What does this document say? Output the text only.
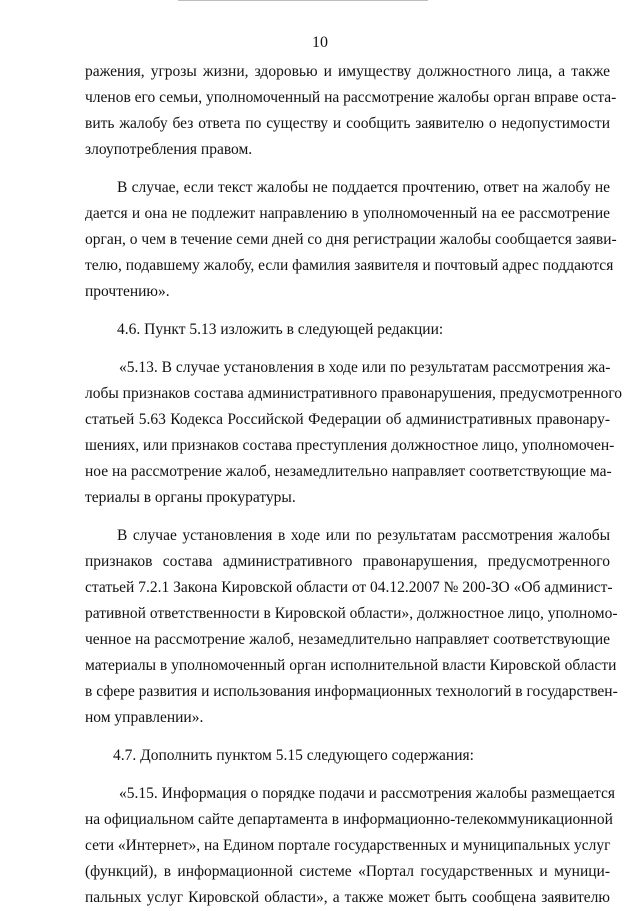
10
ражения, угрозы жизни, здоровью и имуществу должностного лица, а также
членов его семьи, уполномоченный на рассмотрение жалобы орган вправе оста-
вить жалобу без ответа по существу и сообщить заявителю о недопустимости
злоупотребления правом.
В случае, если текст жалобы не поддается прочтению, ответ на жалобу не
дается и она не подлежит направлению в уполномоченный на ее рассмотрение
орган, о чем в течение семи дней со дня регистрации жалобы сообщается заяви-
телю, подавшему жалобу, если фамилия заявителя и почтовый адрес поддаются
прочтению».
4.6. Пункт 5.13 изложить в следующей редакции:
«5.13. В случае установления в ходе или по результатам рассмотрения жа-
лобы признаков состава административного правонарушения, предусмотренного
статьей 5.63 Кодекса Российской Федерации об административных правонару-
шениях, или признаков состава преступления должностное лицо, уполномочен-
ное на рассмотрение жалоб, незамедлительно направляет соответствующие ма-
териалы в органы прокуратуры.
В случае установления в ходе или по результатам рассмотрения жалобы
признаков состава административного правонарушения, предусмотренного
статьей 7.2.1 Закона Кировской области от 04.12.2007 № 200-ЗО «Об админист-
ративной ответственности в Кировской области», должностное лицо, уполномо-
ченное на рассмотрение жалоб, незамедлительно направляет соответствующие
материалы в уполномоченный орган исполнительной власти Кировской области
в сфере развития и использования информационных технологий в государствен-
ном управлении».
4.7. Дополнить пунктом 5.15 следующего содержания:
«5.15. Информация о порядке подачи и рассмотрения жалобы размещается
на официальном сайте департамента в информационно-телекоммуникационной
сети «Интернет», на Едином портале государственных и муниципальных услуг
(функций), в информационной системе «Портал государственных и муници-
пальных услуг Кировской области», а также может быть сообщена заявителю
